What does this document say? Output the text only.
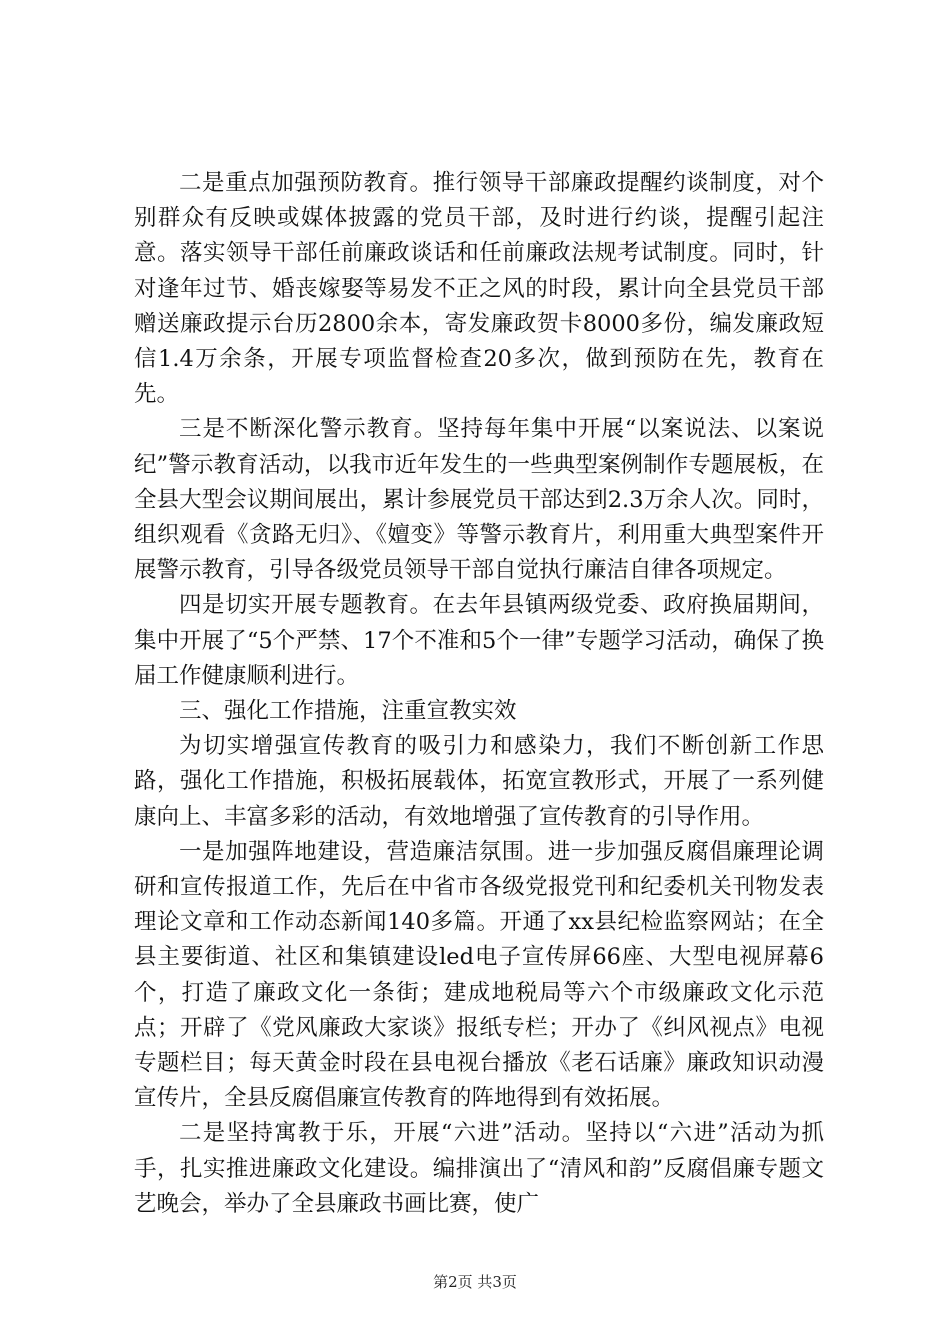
二是重点加强预防教育。推行领导干部廉政提醒约谈制度，对个别群众有反映或媒体披露的党员干部，及时进行约谈，提醒引起注意。落实领导干部任前廉政谈话和任前廉政法规考试制度。同时，针对逢年过节、婚丧嫁娶等易发不正之风的时段，累计向全县党员干部赠送廉政提示台历2800余本，寄发廉政贺卡8000多份，编发廉政短信1.4万余条，开展专项监督检查20多次，做到预防在先，教育在先。

三是不断深化警示教育。坚持每年集中开展“以案说法、以案说纪”警示教育活动，以我市近年发生的一些典型案例制作专题展板，在全县大型会议期间展出，累计参展党员干部达到2.3万余人次。同时，组织观看《贪路无归》、《嬗变》等警示教育片，利用重大典型案件开展警示教育，引导各级党员领导干部自觉执行廉洁自律各项规定。

四是切实开展专题教育。在去年县镇两级党委、政府换届期间，集中开展了“5个严禁、17个不准和5个一律”专题学习活动，确保了换届工作健康顺利进行。

三、强化工作措施，注重宣教实效

为切实增强宣传教育的吸引力和感染力，我们不断创新工作思路，强化工作措施，积极拓展载体，拓宽宣教形式，开展了一系列健康向上、丰富多彩的活动，有效地增强了宣传教育的引导作用。

一是加强阵地建设，营造廉洁氛围。进一步加强反腐倡廉理论调研和宣传报道工作，先后在中省市各级党报党刊和纪委机关刊物发表理论文章和工作动态新闻140多篇。开通了xx县纪检监察网站；在全县主要街道、社区和集镇建设led电子宣传屏66座、大型电视屏幕6个，打造了廉政文化一条街；建成地税局等六个市级廉政文化示范点；开辟了《党风廉政大家谈》报纸专栏；开办了《纠风视点》电视专题栏目；每天黄金时段在县电视台播放《老石话廉》廉政知识动漫宣传片，全县反腐倡廉宣传教育的阵地得到有效拓展。

二是坚持寓教于乐，开展“六进”活动。坚持以“六进”活动为抓手，扎实推进廉政文化建设。编排演出了“清风和韵”反腐倡廉专题文艺晚会，举办了全县廉政书画比赛，使广

第2页 共3页
